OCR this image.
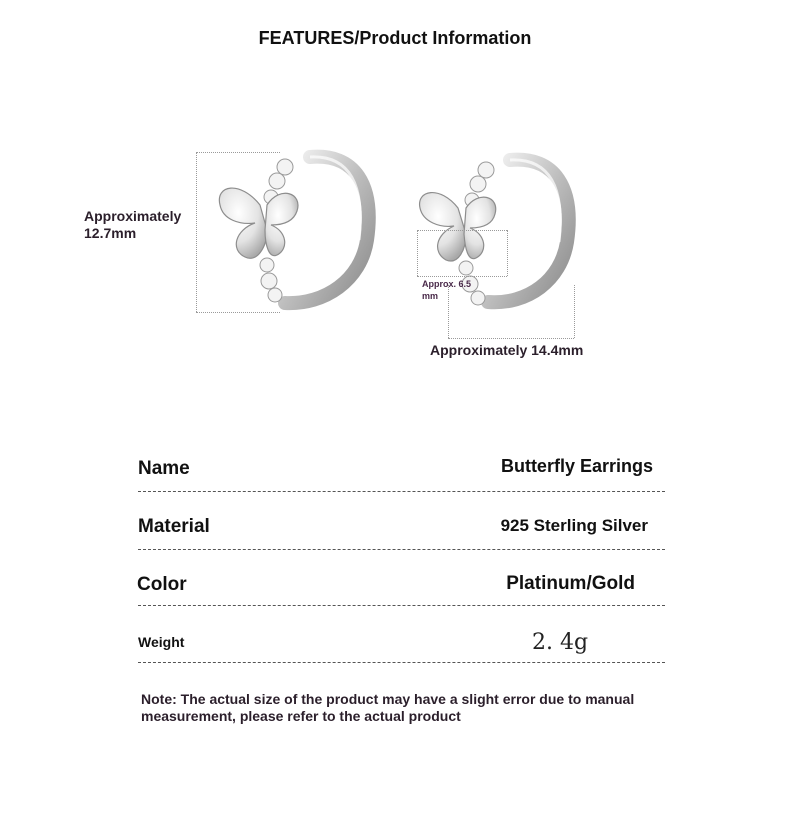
FEATURES/Product Information
Approximately
12.7mm
Approx. 6.5
mm
Approximately 14.4mm
Name	Butterfly Earrings
Material	925 Sterling Silver
Color	Platinum/Gold
Weight	2. 4g
Note: The actual size of the product may have a slight error due to manual measurement, please refer to the actual product
